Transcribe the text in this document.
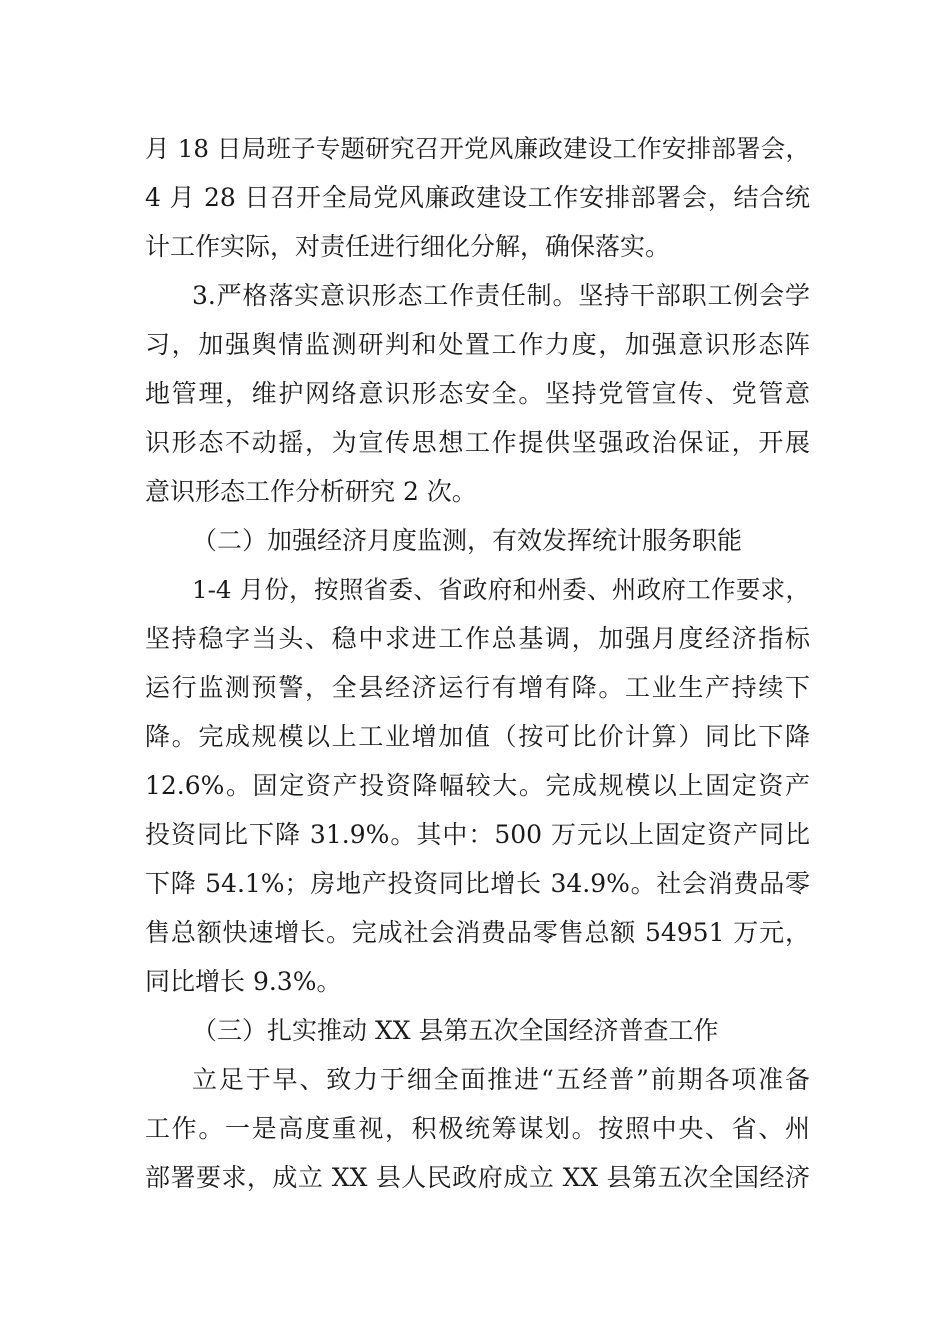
月 18 日局班子专题研究召开党风廉政建设工作安排部署会，
4 月 28 日召开全局党风廉政建设工作安排部署会，结合统
计工作实际，对责任进行细化分解，确保落实。
3.严格落实意识形态工作责任制。坚持干部职工例会学
习，加强舆情监测研判和处置工作力度，加强意识形态阵
地管理，维护网络意识形态安全。坚持党管宣传、党管意
识形态不动摇，为宣传思想工作提供坚强政治保证，开展
意识形态工作分析研究 2 次。
（二）加强经济月度监测，有效发挥统计服务职能
1-4 月份，按照省委、省政府和州委、州政府工作要求，
坚持稳字当头、稳中求进工作总基调，加强月度经济指标
运行监测预警，全县经济运行有增有降。工业生产持续下
降。完成规模以上工业增加值（按可比价计算）同比下降
12.6%。固定资产投资降幅较大。完成规模以上固定资产
投资同比下降 31.9%。其中：500 万元以上固定资产同比
下降 54.1%；房地产投资同比增长 34.9%。社会消费品零
售总额快速增长。完成社会消费品零售总额 54951 万元，
同比增长 9.3%。
（三）扎实推动 XX 县第五次全国经济普查工作
立足于早、致力于细全面推进“五经普”前期各项准备
工作。一是高度重视，积极统筹谋划。按照中央、省、州
部署要求，成立 XX 县人民政府成立 XX 县第五次全国经济
